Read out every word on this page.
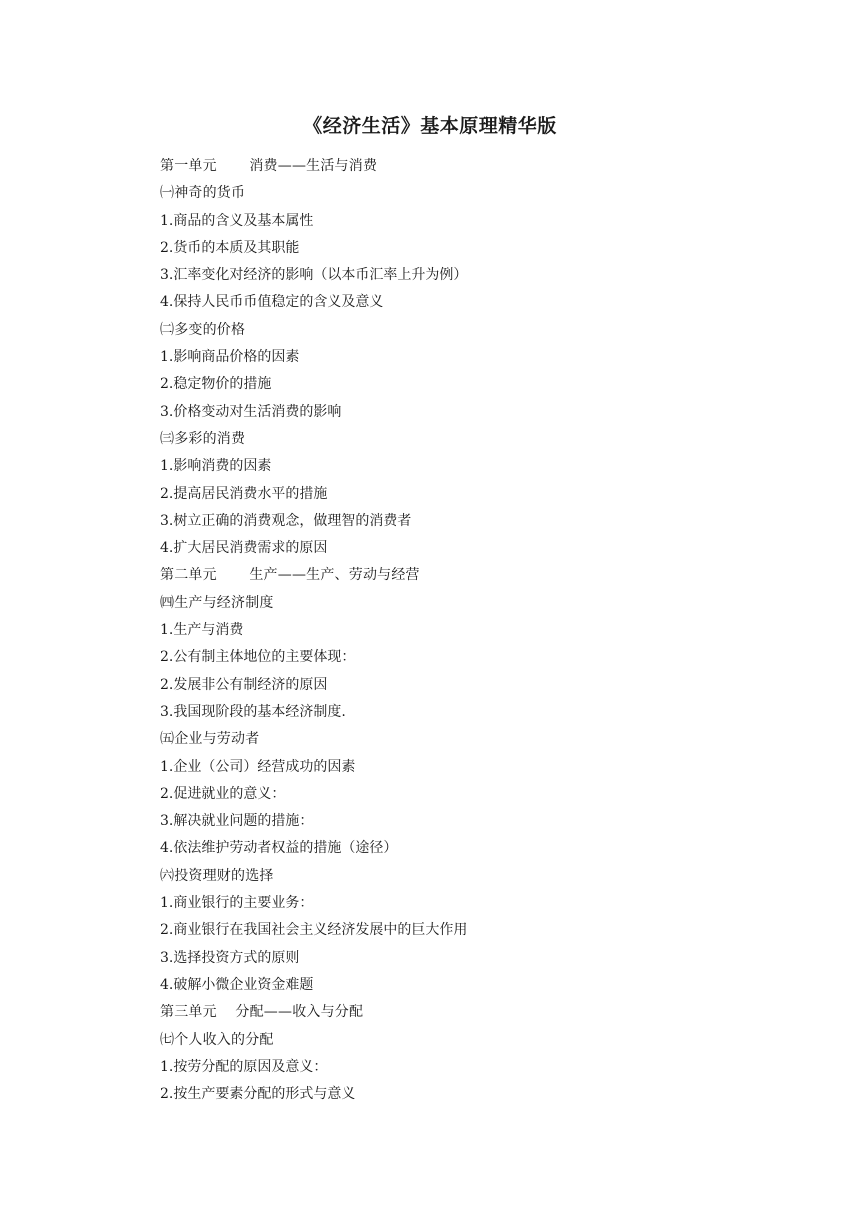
《经济生活》基本原理精华版
第一单元       消费——生活与消费
㈠神奇的货币
1.商品的含义及基本属性
2.货币的本质及其职能
3.汇率变化对经济的影响（以本币汇率上升为例）
4.保持人民币币值稳定的含义及意义
㈡多变的价格
1.影响商品价格的因素
2.稳定物价的措施
3.价格变动对生活消费的影响
㈢多彩的消费
1.影响消费的因素
2.提高居民消费水平的措施
3.树立正确的消费观念，做理智的消费者
4.扩大居民消费需求的原因
第二单元       生产——生产、劳动与经营
㈣生产与经济制度
1.生产与消费
2.公有制主体地位的主要体现：
2.发展非公有制经济的原因
3.我国现阶段的基本经济制度.
㈤企业与劳动者
1.企业（公司）经营成功的因素
2.促进就业的意义：
3.解决就业问题的措施：
4.依法维护劳动者权益的措施（途径）
㈥投资理财的选择
1.商业银行的主要业务：
2.商业银行在我国社会主义经济发展中的巨大作用
3.选择投资方式的原则
4.破解小微企业资金难题
第三单元    分配——收入与分配
㈦个人收入的分配
1.按劳分配的原因及意义：
2.按生产要素分配的形式与意义
